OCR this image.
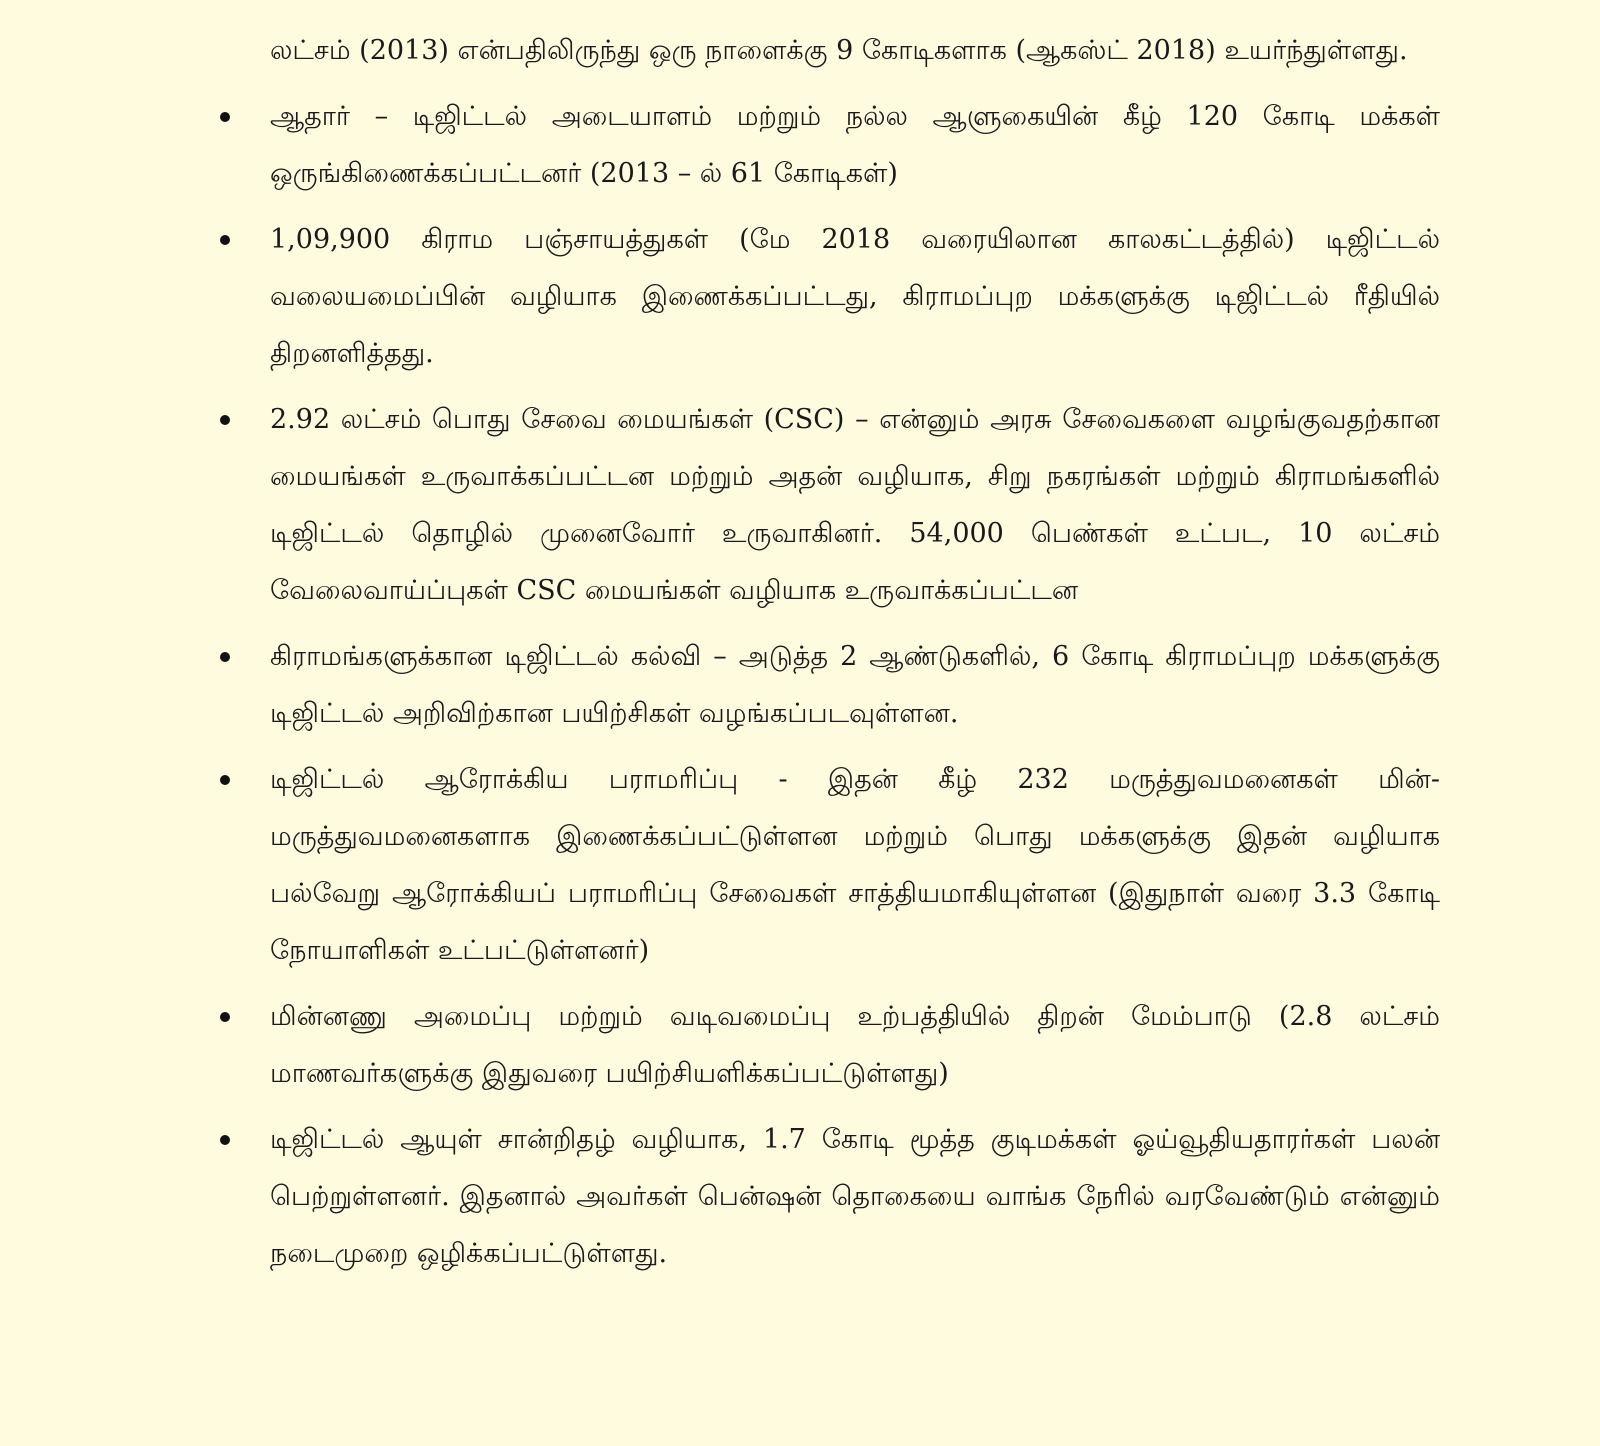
லட்சம் (2013) என்பதிலிருந்து ஒரு நாளைக்கு 9 கோடிகளாக (ஆகஸ்ட் 2018) உயர்ந்துள்ளது.

ஆதார் – டிஜிட்டல் அடையாளம் மற்றும் நல்ல ஆளுகையின் கீழ் 120 கோடி மக்கள் ஒருங்கிணைக்கப்பட்டனர் (2013 – ல் 61 கோடிகள்)
1,09,900 கிராம பஞ்சாயத்துகள் (மே 2018 வரையிலான காலகட்டத்தில்) டிஜிட்டல் வலையமைப்பின் வழியாக இணைக்கப்பட்டது, கிராமப்புற மக்களுக்கு டிஜிட்டல் ரீதியில் திறனளித்தது.
2.92 லட்சம் பொது சேவை மையங்கள் (CSC) – என்னும் அரசு சேவைகளை வழங்குவதற்கான மையங்கள் உருவாக்கப்பட்டன மற்றும் அதன் வழியாக, சிறு நகரங்கள் மற்றும் கிராமங்களில் டிஜிட்டல் தொழில் முனைவோர் உருவாகினர். 54,000 பெண்கள் உட்பட, 10 லட்சம் வேலைவாய்ப்புகள் CSC மையங்கள் வழியாக உருவாக்கப்பட்டன
கிராமங்களுக்கான டிஜிட்டல் கல்வி – அடுத்த 2 ஆண்டுகளில், 6 கோடி கிராமப்புற மக்களுக்கு டிஜிட்டல் அறிவிற்கான பயிற்சிகள் வழங்கப்படவுள்ளன.
டிஜிட்டல் ஆரோக்கிய பராமரிப்பு - இதன் கீழ் 232 மருத்துவமனைகள் மின்-மருத்துவமனைகளாக இணைக்கப்பட்டுள்ளன மற்றும் பொது மக்களுக்கு இதன் வழியாக பல்வேறு ஆரோக்கியப் பராமரிப்பு சேவைகள் சாத்தியமாகியுள்ளன (இதுநாள் வரை 3.3 கோடி நோயாளிகள் உட்பட்டுள்ளனர்)
மின்னணு அமைப்பு மற்றும் வடிவமைப்பு உற்பத்தியில் திறன் மேம்பாடு (2.8 லட்சம் மாணவர்களுக்கு இதுவரை பயிற்சியளிக்கப்பட்டுள்ளது)
டிஜிட்டல் ஆயுள் சான்றிதழ் வழியாக, 1.7 கோடி மூத்த குடிமக்கள் ஓய்வூதியதாரர்கள் பலன் பெற்றுள்ளனர். இதனால் அவர்கள் பென்ஷன் தொகையை வாங்க நேரில் வரவேண்டும் என்னும் நடைமுறை ஒழிக்கப்பட்டுள்ளது.
